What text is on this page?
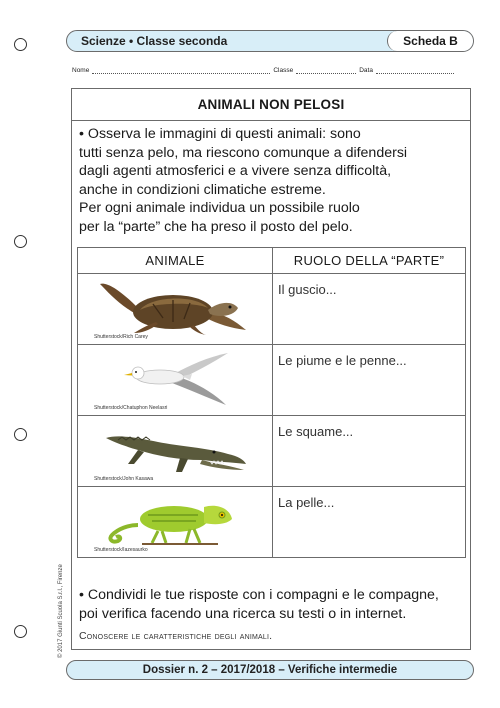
Scienze • Classe seconda	Scheda B
Nome	Classe	Data
ANIMALI NON PELOSI
• Osserva le immagini di questi animali: sono
tutti senza pelo, ma riescono comunque a difendersi
dagli agenti atmosferici e a vivere senza difficoltà,
anche in condizioni climatiche estreme.
Per ogni animale individua un possibile ruolo
per la “parte” che ha preso il posto del pelo.
ANIMALE	RUOLO DELLA “PARTE”

Shutterstock/Rich Carey	Il guscio...

Shutterstock/Chatuphon Neelasri	Le piume e le penne...

Shutterstock/John Kasawa	Le squame...

Shutterstock/Iazesaurko	La pelle...
• Condividi le tue risposte con i compagni e le compagne,
poi verifica facendo una ricerca su testi o in internet.
Conoscere le caratteristiche degli animali.
© 2017 Giunti Scuola S.r.l., Firenze
Dossier n. 2 – 2017/2018 – Verifiche intermedie
